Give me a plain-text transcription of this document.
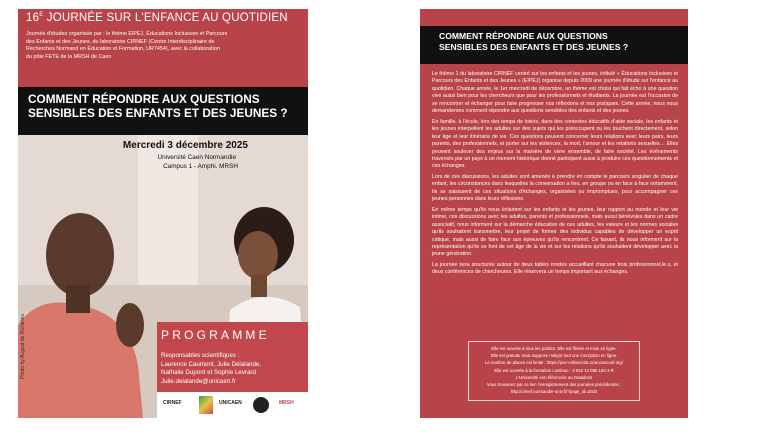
$16^E$ JOURNÉE SUR L'ENFANCE AU QUOTIDIEN
Journée d'études organisée par : le thème EIPEJ, Éducations Inclusives et Parcours
des Enfants et des Jeunes, du laboratoire CIRNEF (Centre Interdisciplinaire de
Recherches Normand en Éducation et Formation, UR7454), avec la collaboration
du pôle FETE de la MRSH de Caen
COMMENT RÉPONDRE AUX QUESTIONS
SENSIBLES DES ENFANTS ET DES JEUNES ?
Mercredi 3 décembre 2025
Université Caen Normandie
Campus 1 - Amphi. MRSH
Photo by August de Richelieu	PROGRAMME
Responsables scientifiques :
Laurence Caumont, Julie Delalande,
Nathalie Dupont et Sophie Levrard
Julie.delalande@unicaen.fr
CIRNEF	UNICAEN	MRSH
COMMENT RÉPONDRE AUX QUESTIONS
SENSIBLES DES ENFANTS ET DES JEUNES ?

Le thème 1 du laboratoire CIRNEF centré sur les enfants et les jeunes, intitulé « Éducations Inclusives et Parcours des Enfants et des Jeunes » (EIPEJ) organise depuis 2009 une journée d'étude sur l'enfance au quotidien. Chaque année, le 1er mercredi de décembre, un thème est choisi qui fait écho à une question vive aussi bien pour les chercheurs que pour les professionnels et étudiants. La journée est l'occasion de se rencontrer et échanger pour faire progresser nos réflexions et nos pratiques. Cette année, nous nous demanderons comment répondre aux questions sensibles des enfants et des jeunes.

En famille, à l'école, lors des temps de loisirs, dans des contextes éducatifs d'aide sociale, les enfants et les jeunes interpellent les adultes sur des sujets qui les préoccupent ou les touchent directement, selon leur âge et leur itinéraire de vie. Ces questions peuvent concerner leurs relations avec leurs pairs, leurs parents, des professionnels, et porter sur les violences, la mort, l'amour et les relations sexuelles… Elles peuvent soulever des enjeux sur la manière de vivre ensemble, de faire société. Les événements traversés par un pays à un moment historique donné participent aussi à produire ces questionnements et ces échanges.

Lors de ces discussions, les adultes sont amenés à prendre en compte le parcours singulier de chaque enfant, les circonstances dans lesquelles la conversation a lieu, en groupe ou en face à face notamment. Ils se saisissent de ces situations d'échanges, organisées ou impromptues, pour accompagner ces jeunes personnes dans leurs réflexions.

En même temps qu'ils nous éclairent sur les enfants et les jeunes, leur rapport au monde et leur vie intime, ces discussions avec les adultes, parents et professionnels, mais aussi bénévoles dans un cadre associatif, nous informent sur la démarche éducative de ces adultes, les valeurs et les normes sociales qu'ils souhaitent transmettre, leur projet de former des individus capables de développer un esprit critique, mais aussi de faire face aux épreuves qu'ils rencontrent. Ce faisant, ils nous informent sur la représentation qu'ils se font de cet âge de la vie et sur les relations qu'ils souhaitent développer avec la jeune génération.

La journée sera structurée autour de deux tables rondes accueillant chacune trois professionnel.le.s, et deux conférences de chercheures. Elle réservera un temps important aux échanges.

Elle est ouverte à tous les publics. Elle est filmée et mise en ligne.
Elle est gratuite mais suppose malgré tout une inscription en ligne.
Le nombre de places est limité : https://jour-enfance25.sciencesconf.org/
Elle est ouverte à la formation continue : 3 042 14 085 100 4 R
L'Université est référencée au Datadock
Vous trouverez par ce lien l'enregistrement des journées précédentes :
http://cirnef.normandie-univ.fr/?page_id=2022
